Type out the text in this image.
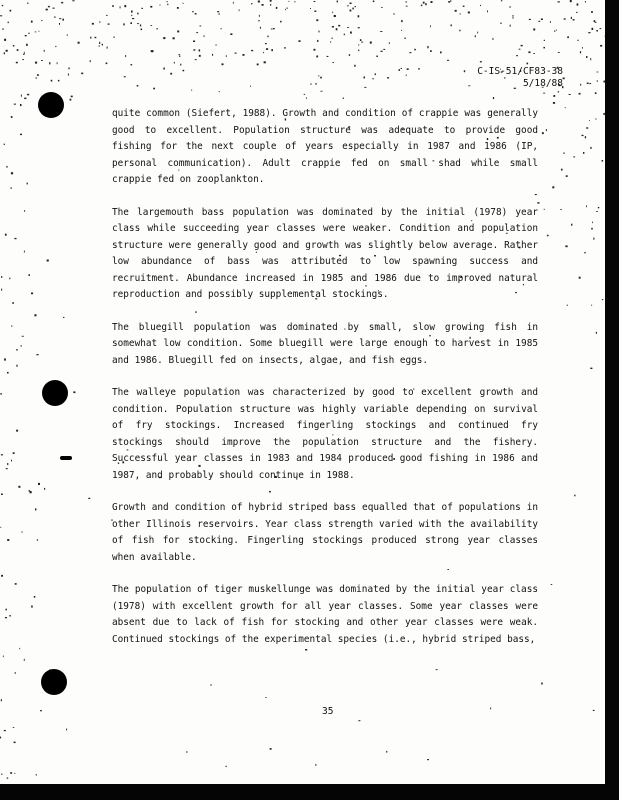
C-IS-51/CF83-38
5/18/88

quite common (Siefert, 1988). Growth and condition of crappie was generally good to excellent. Population structure was adequate to provide good fishing for the next couple of years especially in 1987 and 1986 (IP, personal communication). Adult crappie fed on small shad while small crappie fed on zooplankton.

The largemouth bass population was dominated by the initial (1978) year class while succeeding year classes were weaker. Condition and population structure were generally good and growth was slightly below average. Rather low abundance of bass was attributed to low spawning success and recruitment. Abundance increased in 1985 and 1986 due to improved natural reproduction and possibly supplemental stockings.

The bluegill population was dominated by small, slow growing fish in somewhat low condition. Some bluegill were large enough to harvest in 1985 and 1986. Bluegill fed on insects, algae, and fish eggs.

The walleye population was characterized by good to excellent growth and condition. Population structure was highly variable depending on survival of fry stockings. Increased fingerling stockings and continued fry stockings should improve the population structure and the fishery. Successful year classes in 1983 and 1984 produced good fishing in 1986 and 1987, and probably should continue in 1988.

Growth and condition of hybrid striped bass equalled that of populations in other Illinois reservoirs. Year class strength varied with the availability of fish for stocking. Fingerling stockings produced strong year classes when available.

The population of tiger muskellunge was dominated by the initial year class (1978) with excellent growth for all year classes. Some year classes were absent due to lack of fish for stocking and other year classes were weak. Continued stockings of the experimental species (i.e., hybrid striped bass,

35
